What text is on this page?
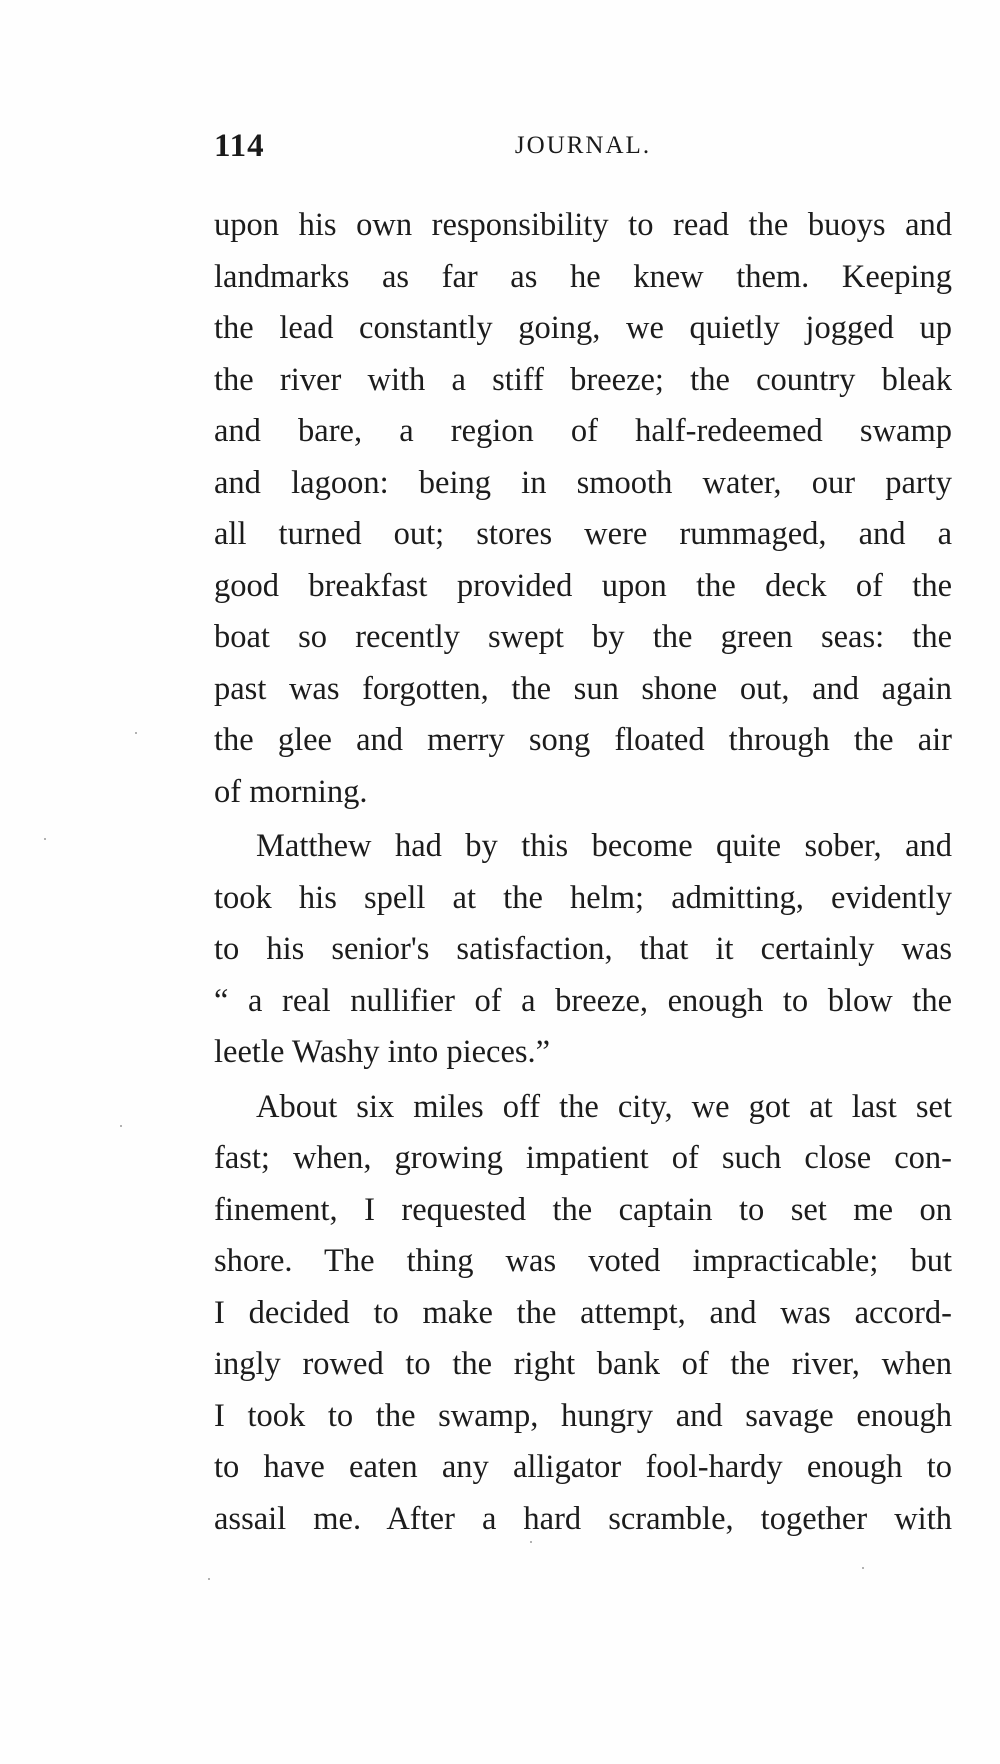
114	JOURNAL.
upon his own responsibility to read the buoys and
landmarks as far as he knew them. Keeping
the lead constantly going, we quietly jogged up
the river with a stiff breeze; the country bleak
and bare, a region of half-redeemed swamp
and lagoon: being in smooth water, our party
all turned out; stores were rummaged, and a
good breakfast provided upon the deck of the
boat so recently swept by the green seas: the
past was forgotten, the sun shone out, and again
the glee and merry song floated through the air
of morning.
Matthew had by this become quite sober, and
took his spell at the helm; admitting, evidently
to his senior's satisfaction, that it certainly was
“ a real nullifier of a breeze, enough to blow the
leetle Washy into pieces.”
About six miles off the city, we got at last set
fast; when, growing impatient of such close con-
finement, I requested the captain to set me on
shore. The thing was voted impracticable; but
I decided to make the attempt, and was accord-
ingly rowed to the right bank of the river, when
I took to the swamp, hungry and savage enough
to have eaten any alligator fool-hardy enough to
assail me. After a hard scramble, together with
